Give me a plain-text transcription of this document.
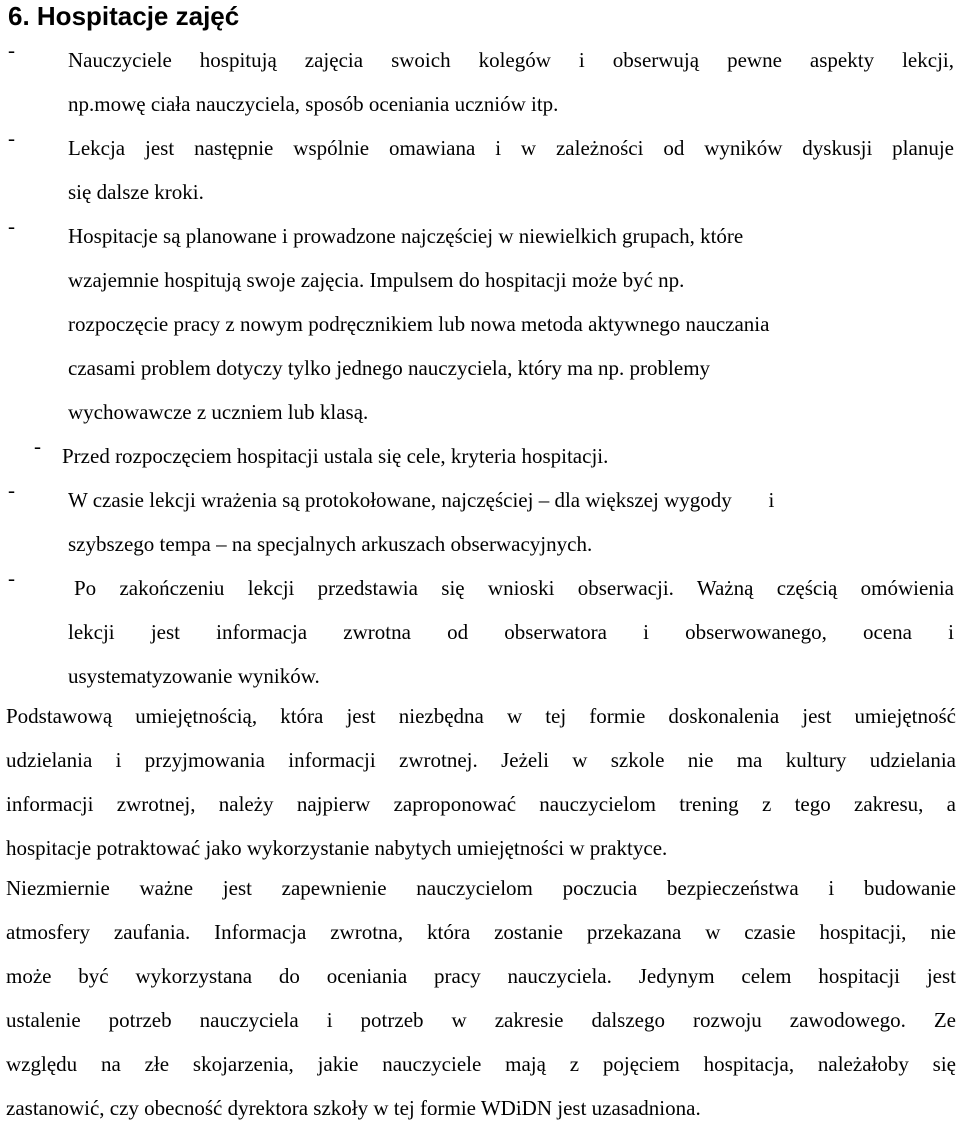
6. Hospitacje zajęć
-	Nauczyciele hospitują zajęcia swoich kolegów i obserwują pewne aspekty lekcji,
np.mowę ciała nauczyciela, sposób oceniania uczniów itp.
-	Lekcja jest następnie wspólnie omawiana i w zależności od wyników dyskusji planuje
się dalsze kroki.
-	Hospitacje są planowane i prowadzone najczęściej w niewielkich grupach, które
wzajemnie hospitują swoje zajęcia. Impulsem do hospitacji może być np.
rozpoczęcie pracy z nowym podręcznikiem lub nowa metoda aktywnego nauczania
czasami problem dotyczy tylko jednego nauczyciela, który ma np. problemy
wychowawcze z uczniem lub klasą.
- Przed rozpoczęciem hospitacji ustala się cele, kryteria hospitacji.
-	W czasie lekcji wrażenia są protokołowane, najczęściej – dla większej wygody       i
szybszego tempa – na specjalnych arkuszach obserwacyjnych.
-	Po zakończeniu lekcji przedstawia się wnioski obserwacji. Ważną częścią omówienia
lekcji jest informacja zwrotna od obserwatora i obserwowanego, ocena i
usystematyzowanie wyników.
Podstawową umiejętnością, która jest niezbędna w tej formie doskonalenia jest umiejętność
udzielania i przyjmowania informacji zwrotnej. Jeżeli w szkole nie ma kultury udzielania
informacji zwrotnej, należy najpierw zaproponować nauczycielom trening z tego zakresu, a
hospitacje potraktować jako wykorzystanie nabytych umiejętności w praktyce.
Niezmiernie ważne jest zapewnienie nauczycielom poczucia bezpieczeństwa i budowanie
atmosfery zaufania. Informacja zwrotna, która zostanie przekazana w czasie hospitacji, nie
może być wykorzystana do oceniania pracy nauczyciela. Jedynym celem hospitacji jest
ustalenie potrzeb nauczyciela i potrzeb w zakresie dalszego rozwoju zawodowego. Ze
względu na złe skojarzenia, jakie nauczyciele mają z pojęciem hospitacja, należałoby się
zastanowić, czy obecność dyrektora szkoły w tej formie WDiDN jest uzasadniona.
